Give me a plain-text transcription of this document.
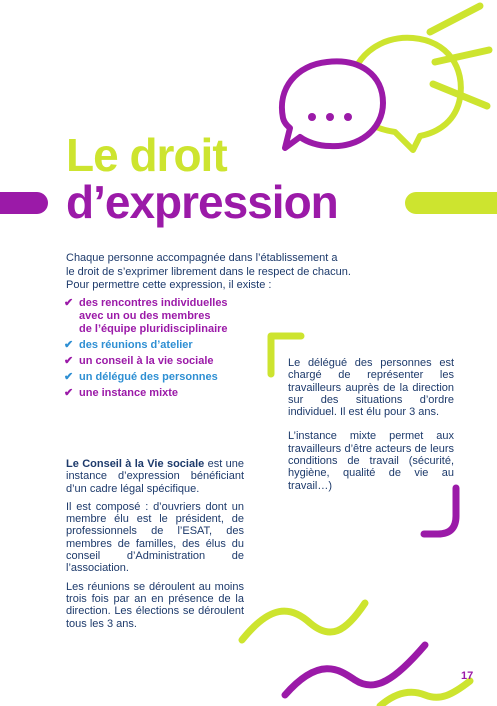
Le droit
d’expression

Chaque personne accompagnée dans l’établissement a

le droit de s’exprimer librement dans le respect de chacun.

Pour permettre cette expression, il existe :

✔ des rencontres individuelles
avec un ou des membres
de l’équipe pluridisciplinaire
✔ des réunions d’atelier
✔ un conseil à la vie sociale
✔ un délégué des personnes
✔ une instance mixte

Le Conseil à la Vie sociale est une instance d’expression bénéficiant d’un cadre légal spécifique.

Il est composé : d’ouvriers dont un membre élu est le président, de professionnels de l’ESAT, des membres de familles, des élus du conseil d’Administration de l’association.

Les réunions se déroulent au moins trois fois par an en présence de la direction. Les élections se déroulent tous les 3 ans.

Le délégué des personnes est chargé de représenter les travailleurs auprès de la direction sur des situations d’ordre individuel. Il est élu pour 3 ans.

L’instance mixte permet aux travailleurs d’être acteurs de leurs conditions de travail (sécurité, hygiène, qualité de vie au travail…)

17
